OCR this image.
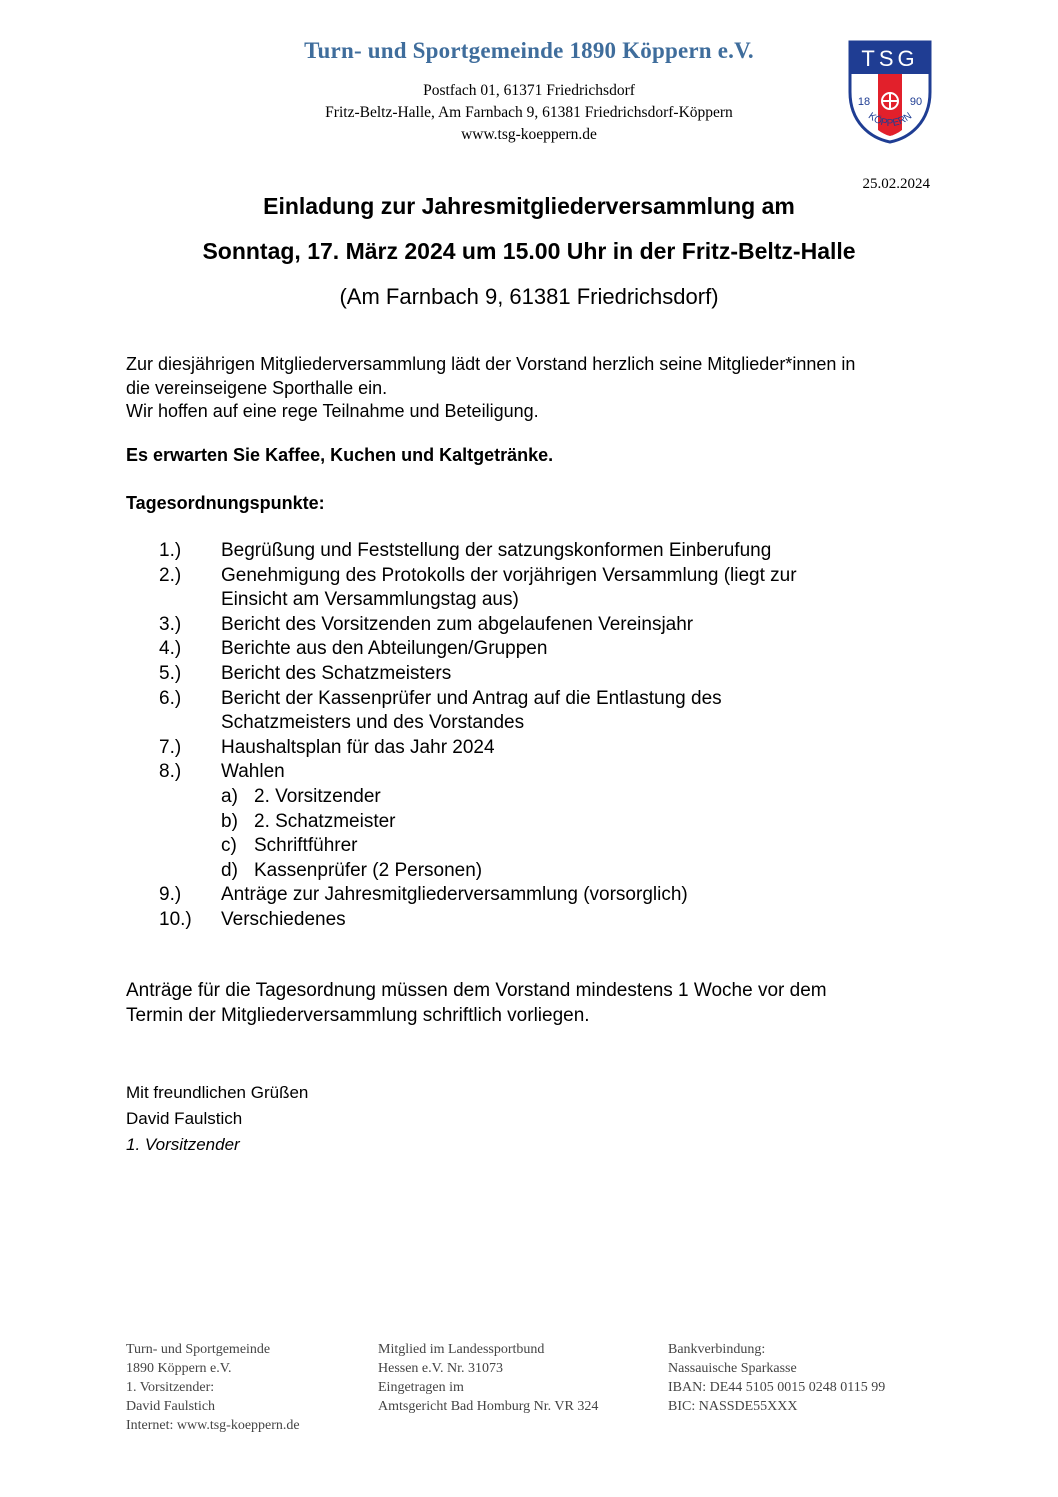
Turn- und Sportgemeinde 1890 Köppern e.V.
Postfach 01, 61371 Friedrichsdorf
Fritz-Beltz-Halle, Am Farnbach 9, 61381 Friedrichsdorf-Köppern
www.tsg-koeppern.de
TSG
18	90
KÖPPERN
25.02.2024
Einladung zur Jahresmitgliederversammlung am
Sonntag, 17. März 2024 um 15.00 Uhr in der Fritz-Beltz-Halle
(Am Farnbach 9, 61381 Friedrichsdorf)
Zur diesjährigen Mitgliederversammlung lädt der Vorstand herzlich seine Mitglieder*innen in
die vereinseigene Sporthalle ein.
Wir hoffen auf eine rege Teilnahme und Beteiligung.
Es erwarten Sie Kaffee, Kuchen und Kaltgetränke.
Tagesordnungspunkte:
1.) Begrüßung und Feststellung der satzungskonformen Einberufung
2.) Genehmigung des Protokolls der vorjährigen Versammlung (liegt zur
Einsicht am Versammlungstag aus)
3.) Bericht des Vorsitzenden zum abgelaufenen Vereinsjahr
4.) Berichte aus den Abteilungen/Gruppen
5.) Bericht des Schatzmeisters
6.) Bericht der Kassenprüfer und Antrag auf die Entlastung des
Schatzmeisters und des Vorstandes
7.) Haushaltsplan für das Jahr 2024
8.) Wahlen
a) 2. Vorsitzender
b) 2. Schatzmeister
c) Schriftführer
d) Kassenprüfer (2 Personen)
9.) Anträge zur Jahresmitgliederversammlung (vorsorglich)
10.) Verschiedenes
Anträge für die Tagesordnung müssen dem Vorstand mindestens 1 Woche vor dem
Termin der Mitgliederversammlung schriftlich vorliegen.
Mit freundlichen Grüßen
David Faulstich
1. Vorsitzender
Turn- und Sportgemeinde
1890 Köppern e.V.
1. Vorsitzender:
David Faulstich
Internet: www.tsg-koeppern.de
Mitglied im Landessportbund
Hessen e.V. Nr. 31073
Eingetragen im
Amtsgericht Bad Homburg Nr. VR 324
Bankverbindung:
Nassauische Sparkasse
IBAN: DE44 5105 0015 0248 0115 99
BIC: NASSDE55XXX
